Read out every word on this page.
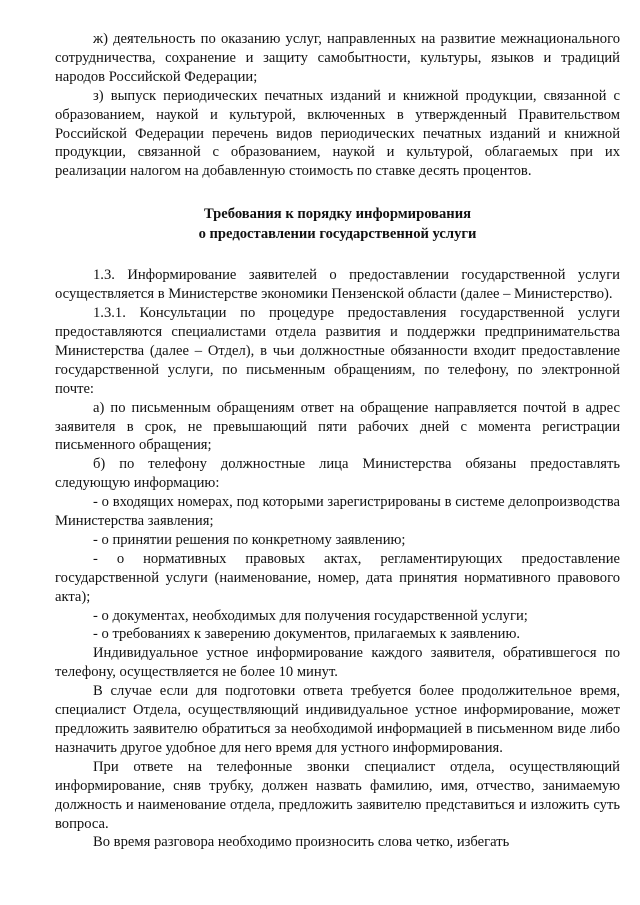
ж) деятельность по оказанию услуг, направленных на развитие межнационального сотрудничества, сохранение и защиту самобытности, культуры, языков и традиций народов Российской Федерации;

з) выпуск периодических печатных изданий и книжной продукции, связанной с образованием, наукой и культурой, включенных в утвержденный Правительством Российской Федерации перечень видов периодических печатных изданий и книжной продукции, связанной с образованием, наукой и культурой, облагаемых при их реализации налогом на добавленную стоимость по ставке десять процентов.

Требования к порядку информирования
о предоставлении государственной услуги

1.3. Информирование заявителей о предоставлении государственной услуги осуществляется в Министерстве экономики Пензенской области (далее – Министерство).

1.3.1. Консультации по процедуре предоставления государственной услуги предоставляются специалистами отдела развития и поддержки предпринимательства Министерства (далее – Отдел), в чьи должностные обязанности входит предоставление государственной услуги, по письменным обращениям, по телефону, по электронной почте:

а) по письменным обращениям ответ на обращение направляется почтой в адрес заявителя в срок, не превышающий пяти рабочих дней с момента регистрации письменного обращения;

б) по телефону должностные лица Министерства обязаны предоставлять следующую информацию:

- о входящих номерах, под которыми зарегистрированы в системе делопроизводства Министерства заявления;

- о принятии решения по конкретному заявлению;

- о нормативных правовых актах, регламентирующих предоставление государственной услуги (наименование, номер, дата принятия нормативного правового акта);

- о документах, необходимых для получения государственной услуги;

- о требованиях к заверению документов, прилагаемых к заявлению.

Индивидуальное устное информирование каждого заявителя, обратившегося по телефону, осуществляется не более 10 минут.

В случае если для подготовки ответа требуется более продолжительное время, специалист Отдела, осуществляющий индивидуальное устное информирование, может предложить заявителю обратиться за необходимой информацией в письменном виде либо назначить другое удобное для него время для устного информирования.

При ответе на телефонные звонки специалист отдела, осуществляющий информирование, сняв трубку, должен назвать фамилию, имя, отчество, занимаемую должность и наименование отдела, предложить заявителю представиться и изложить суть вопроса.

Во время разговора необходимо произносить слова четко, избегать
